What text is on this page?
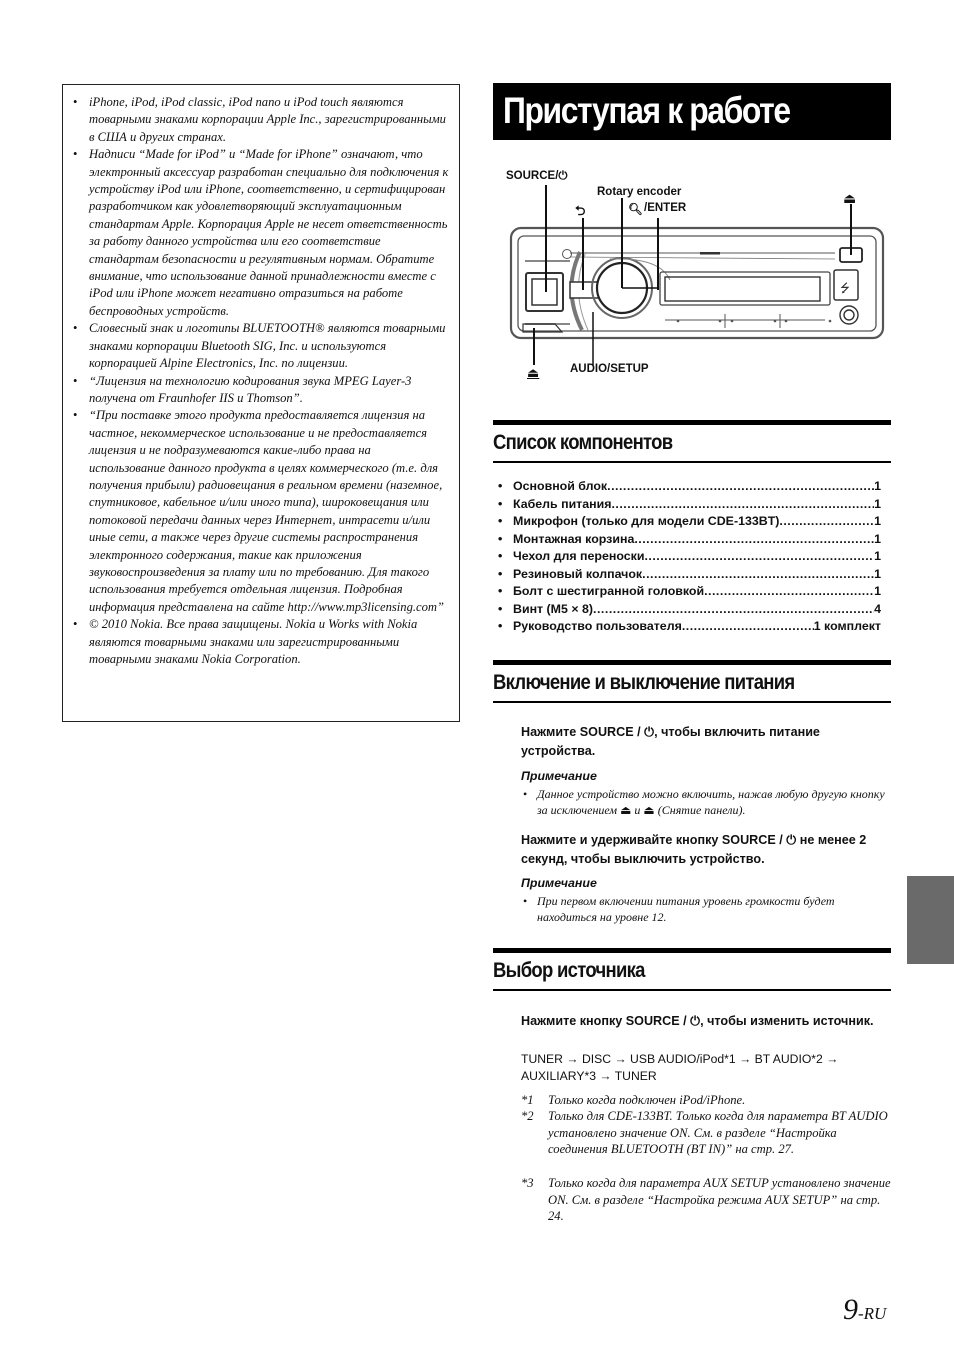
• iPhone, iPod, iPod classic, iPod nano и iPod touch являются товарными знаками корпорации Apple Inc., зарегистрированными в США и других странах.
• Надписи “Made for iPod” и “Made for iPhone” означают, что электронный аксессуар разработан специально для подключения к устройству iPod или iPhone, соответственно, и сертифицирован разработчиком как удовлетворяющий эксплуатационным стандартам Apple. Корпорация Apple не несет ответственность за работу данного устройства или его соответствие стандартам безопасности и регулятивным нормам. Обратите внимание, что использование данной принадлежности вместе с iPod или iPhone может негативно отразиться на работе беспроводных устройств.
• Словесный знак и логотипы BLUETOOTH® являются товарными знаками корпорации Bluetooth SIG, Inc. и используются корпорацией Alpine Electronics, Inc. по лицензии.
• “Лицензия на технологию кодирования звука MPEG Layer-3 получена от Fraunhofer IIS и Thomson”.
• “При поставке этого продукта предоставляется лицензия на частное, некоммерческое использование и не предоставляется лицензия и не подразумеваются какие-либо права на использование данного продукта в целях коммерческого (т.е. для получения прибыли) радиовещания в реальном времени (наземное, спутниковое, кабельное и/или иного типа), широковещания или потоковой передачи данных через Интернет, интрасети и/или иные сети, а также через другие системы распространения электронного содержания, такие как приложения звуковоспроизведения за плату или по требованию. Для такого использования требуется отдельная лицензия. Подробная информация представлена на сайте http://www.mp3licensing.com”
• © 2010 Nokia. Все права защищены. Nokia и Works with Nokia являются товарными знаками или зарегистрированными товарными знаками Nokia Corporation.
Приступая к работе
⭍
SOURCE/⏻
Rotary encoder
🔍︎ /ENTER
⮌
⏏
⏏	AUDIO/SETUP
Список компонентов
• Основной блок .....	1
• Кабель питания .....	1
• Микрофон (только для модели CDE-133BT) .....	1
• Монтажная корзина .....	1
• Чехол для переноски .....	1
• Резиновый колпачок .....	1
• Болт с шестигранной головкой .....	1
• Винт (M5 × 8) .....	4
• Руководство пользователя .....	1 комплект
Включение и выключение питания
Нажмите SOURCE / ⏻, чтобы включить питание устройства.
Примечание
• Данное устройство можно включить, нажав любую другую кнопку за исключением ⏏ и ⏏ (Снятие панели).
Нажмите и удерживайте кнопку SOURCE / ⏻ не менее 2 секунд, чтобы выключить устройство.
Примечание
• При первом включении питания уровень громкости будет находиться на уровне 12.
Выбор источника
Нажмите кнопку SOURCE / ⏻, чтобы изменить источник.
TUNER → DISC → USB AUDIO/iPod*1 → BT AUDIO*2 →
AUXILIARY*3 → TUNER
*1 Только когда подключен iPod/iPhone.
*2 Только для CDE-133BT. Только когда для параметра BT AUDIO установлено значение ON. См. в разделе “Настройка соединения BLUETOOTH (BT IN)” на стр. 27.
*3 Только когда для параметра AUX SETUP установлено значение ON. См. в разделе “Настройка режима AUX SETUP” на стр. 24.
9-RU
